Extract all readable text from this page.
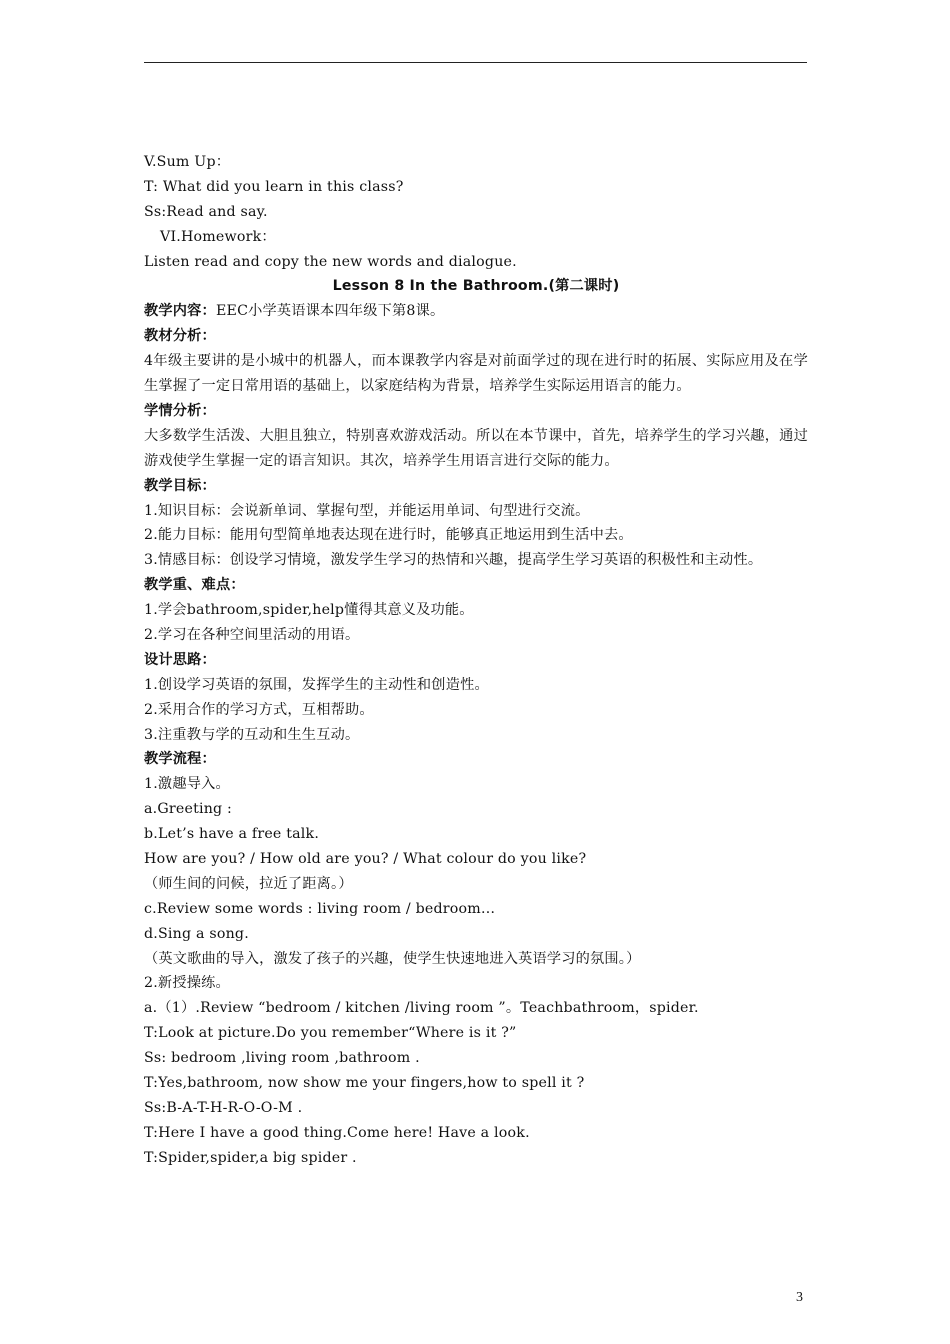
V.Sum Up：
T: What did you learn in this class?
Ss:Read and say.
VI.Homework：
Listen read and copy the new words and dialogue.
Lesson 8 In the Bathroom.(第二课时)
教学内容：EEC小学英语课本四年级下第8课。
教材分析：
4年级主要讲的是小城中的机器人，而本课教学内容是对前面学过的现在进行时的拓展、实际应用及在学生掌握了一定日常用语的基础上，以家庭结构为背景，培养学生实际运用语言的能力。
学情分析：
大多数学生活泼、大胆且独立，特别喜欢游戏活动。所以在本节课中，首先，培养学生的学习兴趣，通过游戏使学生掌握一定的语言知识。其次，培养学生用语言进行交际的能力。
教学目标：
1.知识目标：会说新单词、掌握句型，并能运用单词、句型进行交流。
2.能力目标：能用句型简单地表达现在进行时，能够真正地运用到生活中去。
3.情感目标：创设学习情境，激发学生学习的热情和兴趣，提高学生学习英语的积极性和主动性。
教学重、难点：
1.学会bathroom,spider,help懂得其意义及功能。
2.学习在各种空间里活动的用语。
设计思路：
1.创设学习英语的氛围，发挥学生的主动性和创造性。
2.采用合作的学习方式，互相帮助。
3.注重教与学的互动和生生互动。
教学流程：
1.激趣导入。
a.Greeting :
b.Let’s have a free talk.
How are you? / How old are you? / What colour do you like?
（师生间的问候，拉近了距离。）
c.Review some words : living room / bedroom…
d.Sing a song.
（英文歌曲的导入，激发了孩子的兴趣，使学生快速地进入英语学习的氛围。）
2.新授操练。
a.（1）.Review “bedroom / kitchen /living room ”。Teachbathroom，spider.
T:Look at picture.Do you remember“Where is it ?”
Ss: bedroom ,living room ,bathroom .
T:Yes,bathroom, now show me your fingers,how to spell it ?
Ss:B-A-T-H-R-O-O-M .
T:Here I have a good thing.Come here! Have a look.
T:Spider,spider,a big spider .
3
